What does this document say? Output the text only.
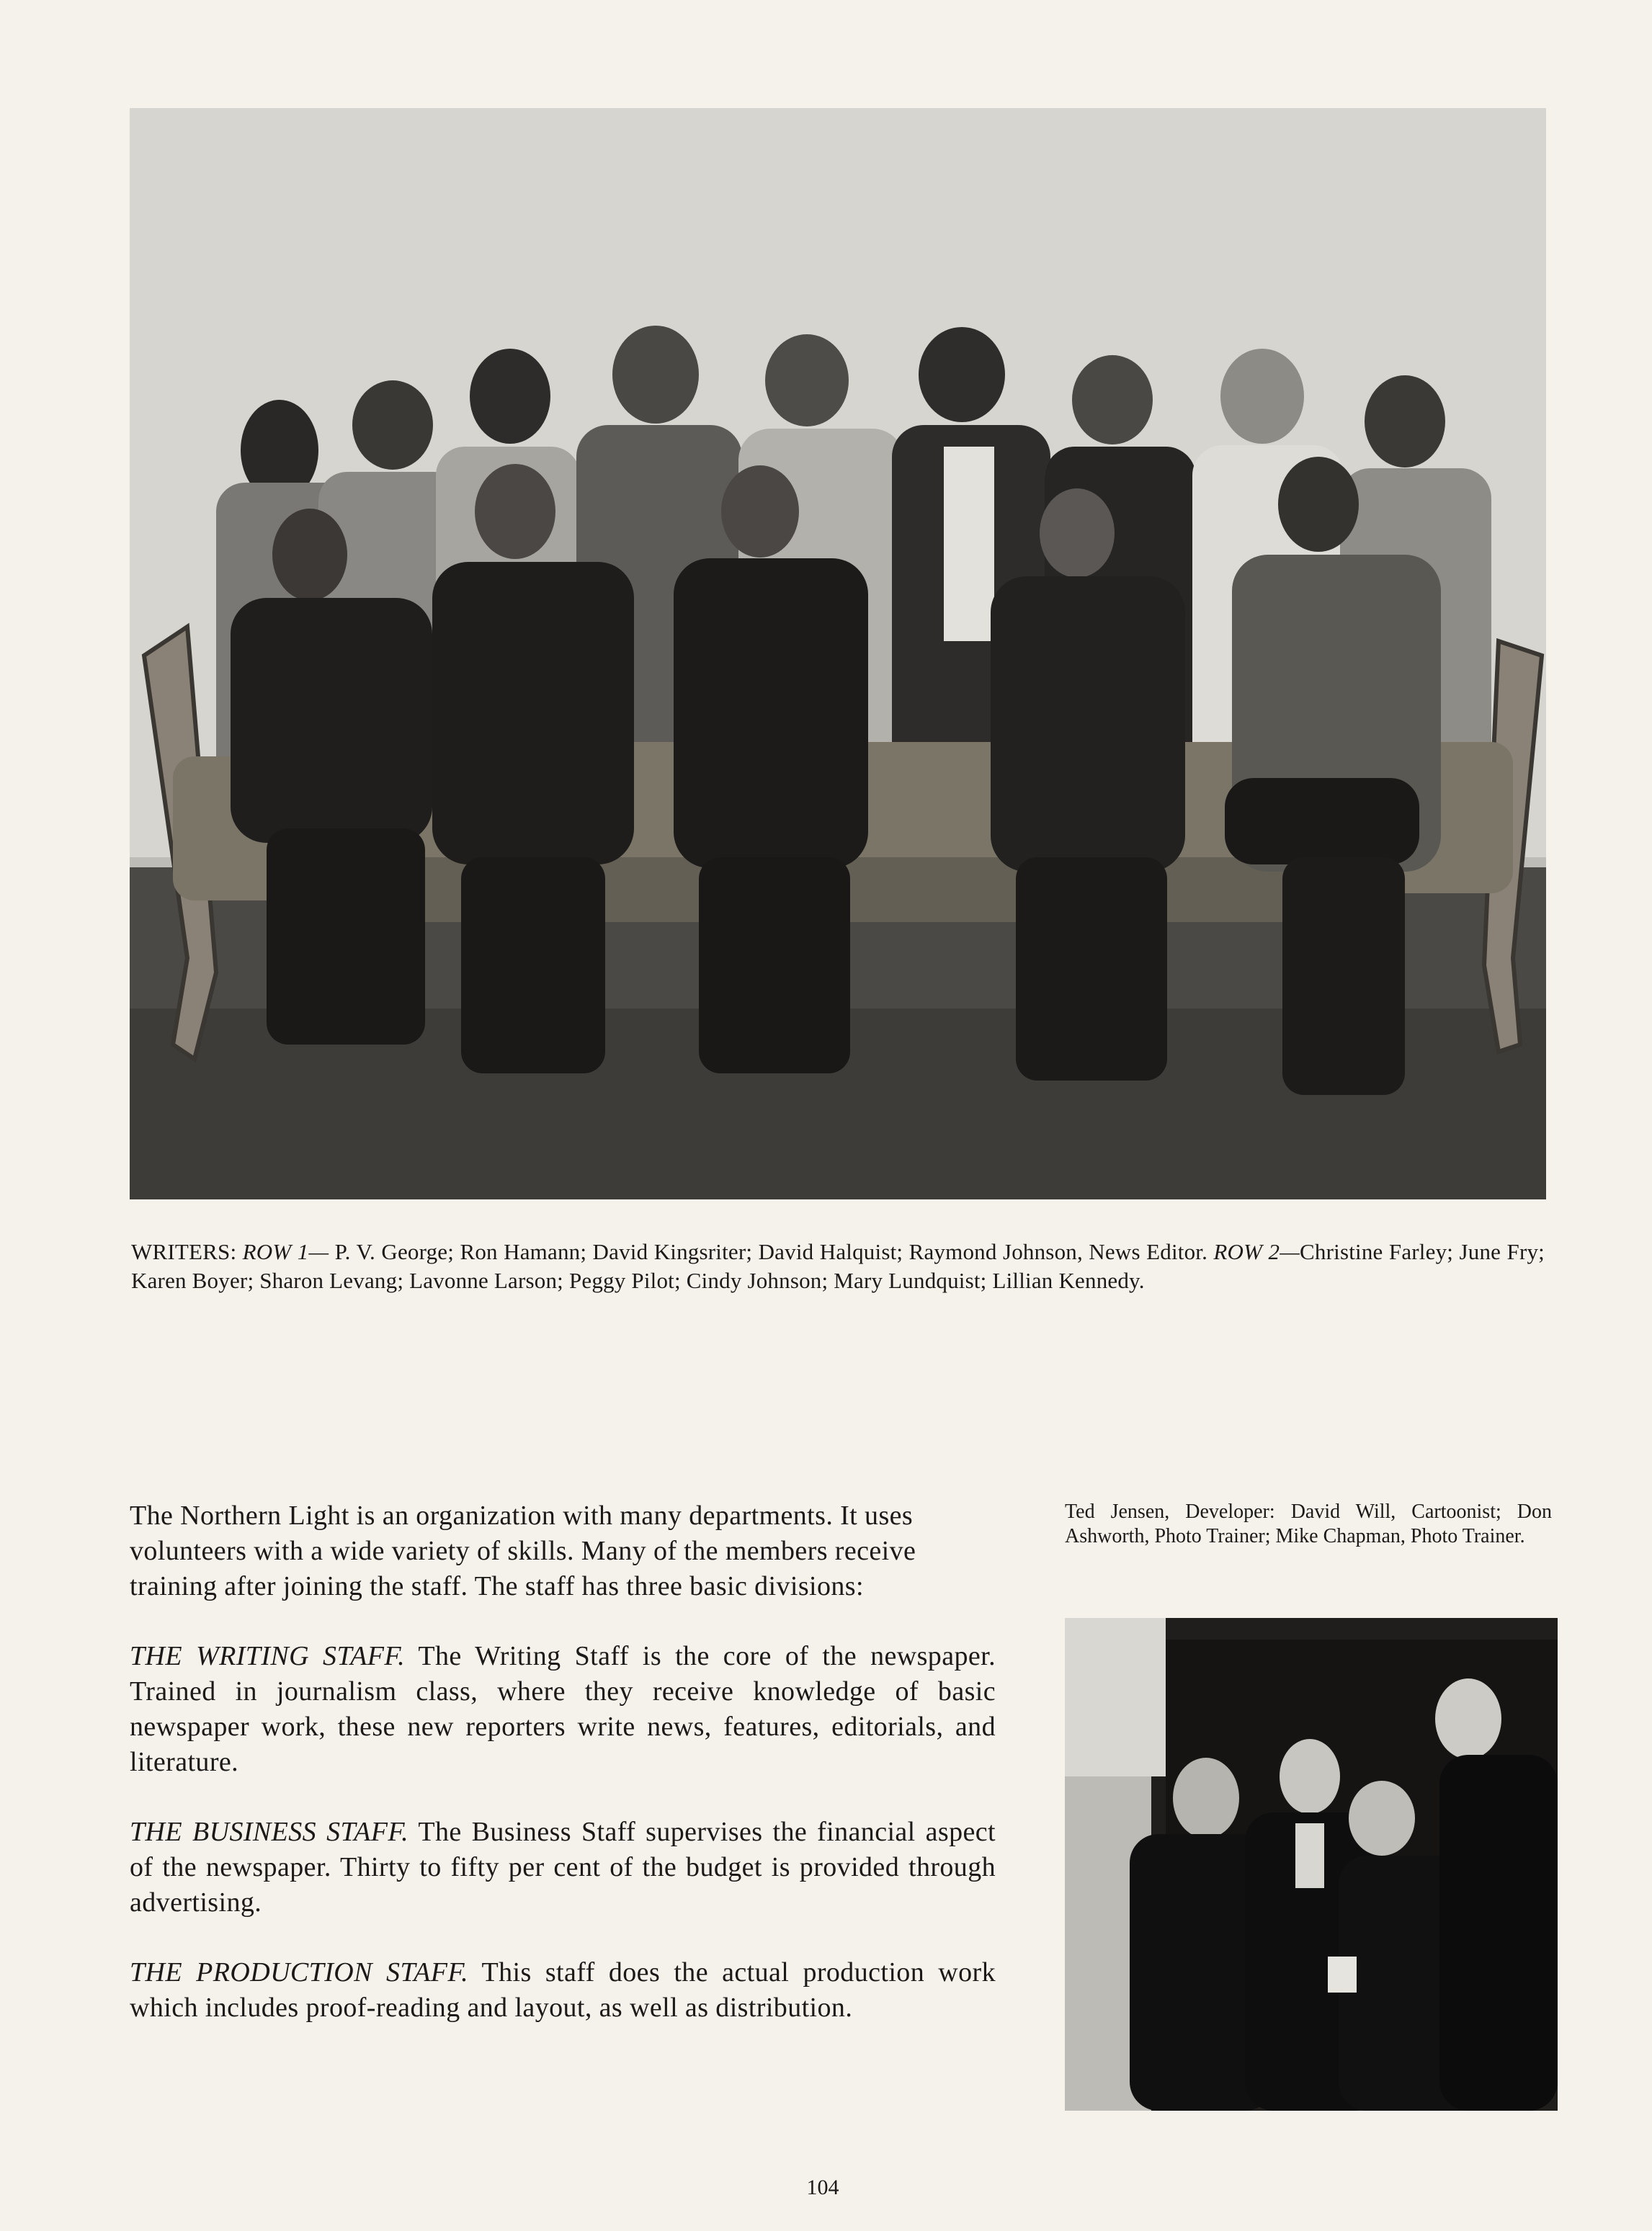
WRITERS: ROW 1— P. V. George; Ron Hamann; David Kingsriter; David Halquist; Raymond Johnson, News Editor. ROW 2—Christine Farley; June Fry; Karen Boyer; Sharon Levang; Lavonne Larson; Peggy Pilot; Cindy Johnson; Mary Lundquist; Lillian Kennedy.

The Northern Light is an organization with many departments. It uses volunteers with a wide variety of skills. Many of the members receive training after joining the staff. The staff has three basic divisions:

THE WRITING STAFF. The Writing Staff is the core of the newspaper. Trained in journalism class, where they receive knowledge of basic newspaper work, these new reporters write news, features, editorials, and literature.

THE BUSINESS STAFF. The Business Staff supervises the financial aspect of the newspaper. Thirty to fifty per cent of the budget is provided through advertising.

THE PRODUCTION STAFF. This staff does the actual production work which includes proof-reading and layout, as well as distribution.

Ted Jensen, Developer: David Will, Cartoonist; Don Ashworth, Photo Trainer; Mike Chapman, Photo Trainer.
104
